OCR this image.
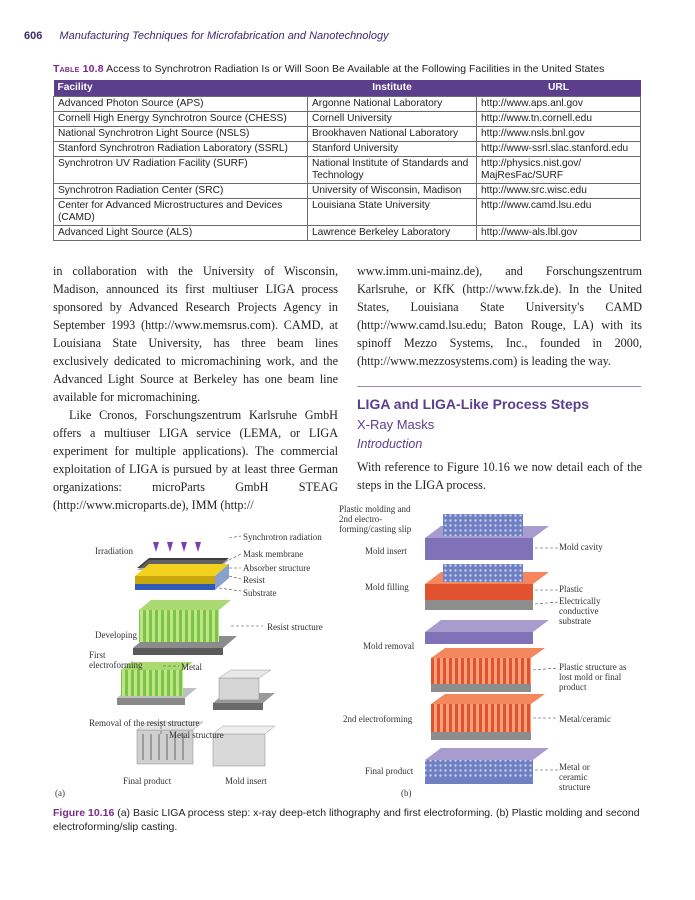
606 Manufacturing Techniques for Microfabrication and Nanotechnology
Table 10.8 Access to Synchrotron Radiation Is or Will Soon Be Available at the Following Facilities in the United States
Facility	Institute	URL
Advanced Photon Source (APS)	Argonne National Laboratory	http://www.aps.anl.gov
Cornell High Energy Synchrotron Source (CHESS)	Cornell University	http://www.tn.cornell.edu
National Synchrotron Light Source (NSLS)	Brookhaven National Laboratory	http://www.nsls.bnl.gov
Stanford Synchrotron Radiation Laboratory (SSRL)	Stanford University	http://www-ssrl.slac.stanford.edu
Synchrotron UV Radiation Facility (SURF)	National Institute of Standards and Technology	http://physics.nist.gov/ MajResFac/SURF
Synchrotron Radiation Center (SRC)	University of Wisconsin, Madison	http://www.src.wisc.edu
Center for Advanced Microstructures and Devices (CAMD)	Louisiana State University	http://www.camd.lsu.edu
Advanced Light Source (ALS)	Lawrence Berkeley Laboratory	http://www-als.lbl.gov

in collaboration with the University of Wisconsin, Madison, announced its first multiuser LIGA process sponsored by Advanced Research Projects Agency in September 1993 (http://www.memsrus.com). CAMD, at Louisiana State University, has three beam lines exclusively dedicated to micromachining work, and the Advanced Light Source at Berkeley has one beam line available for micromachining.

Like Cronos, Forschungszentrum Karlsruhe GmbH offers a multiuser LIGA service (LEMA, or LIGA experiment for multiple applications). The commercial exploitation of LIGA is pursued by at least three German organizations: microParts GmbH STEAG (http://www.microparts.de), IMM (http://

www.imm.uni-mainz.de), and Forschungszentrum Karlsruhe, or KfK (http://www.fzk.de). In the United States, Louisiana State University's CAMD (http://www.camd.lsu.edu; Baton Rouge, LA) with its spinoff Mezzo Systems, Inc., founded in 2000, (http://www.mezzosystems.com) is leading the way.

LIGA and LIGA-Like Process Steps
X-Ray Masks
Introduction

With reference to Figure 10.16 we now detail each of the steps in the LIGA process.

Irradiation
Synchrotron radiation
Mask membrane
Absorber structure
Resist
Substrate
Developing
Resist structure
First electroforming	Metal
Removal of the resist structure
Metal structure
Final product	Mold insert
(a)
Plastic molding and 2nd electro- forming/casting slip
Mold insert	Mold cavity
Mold filling	Plastic
Electrically conductive substrate
Mold removal
Plastic structure as lost mold or final product
2nd electroforming	Metal/ceramic
Final product	Metal or ceramic structure
(b)
Figure 10.16 (a) Basic LIGA process step: x-ray deep-etch lithography and first electroforming. (b) Plastic molding and second electroforming/slip casting.
